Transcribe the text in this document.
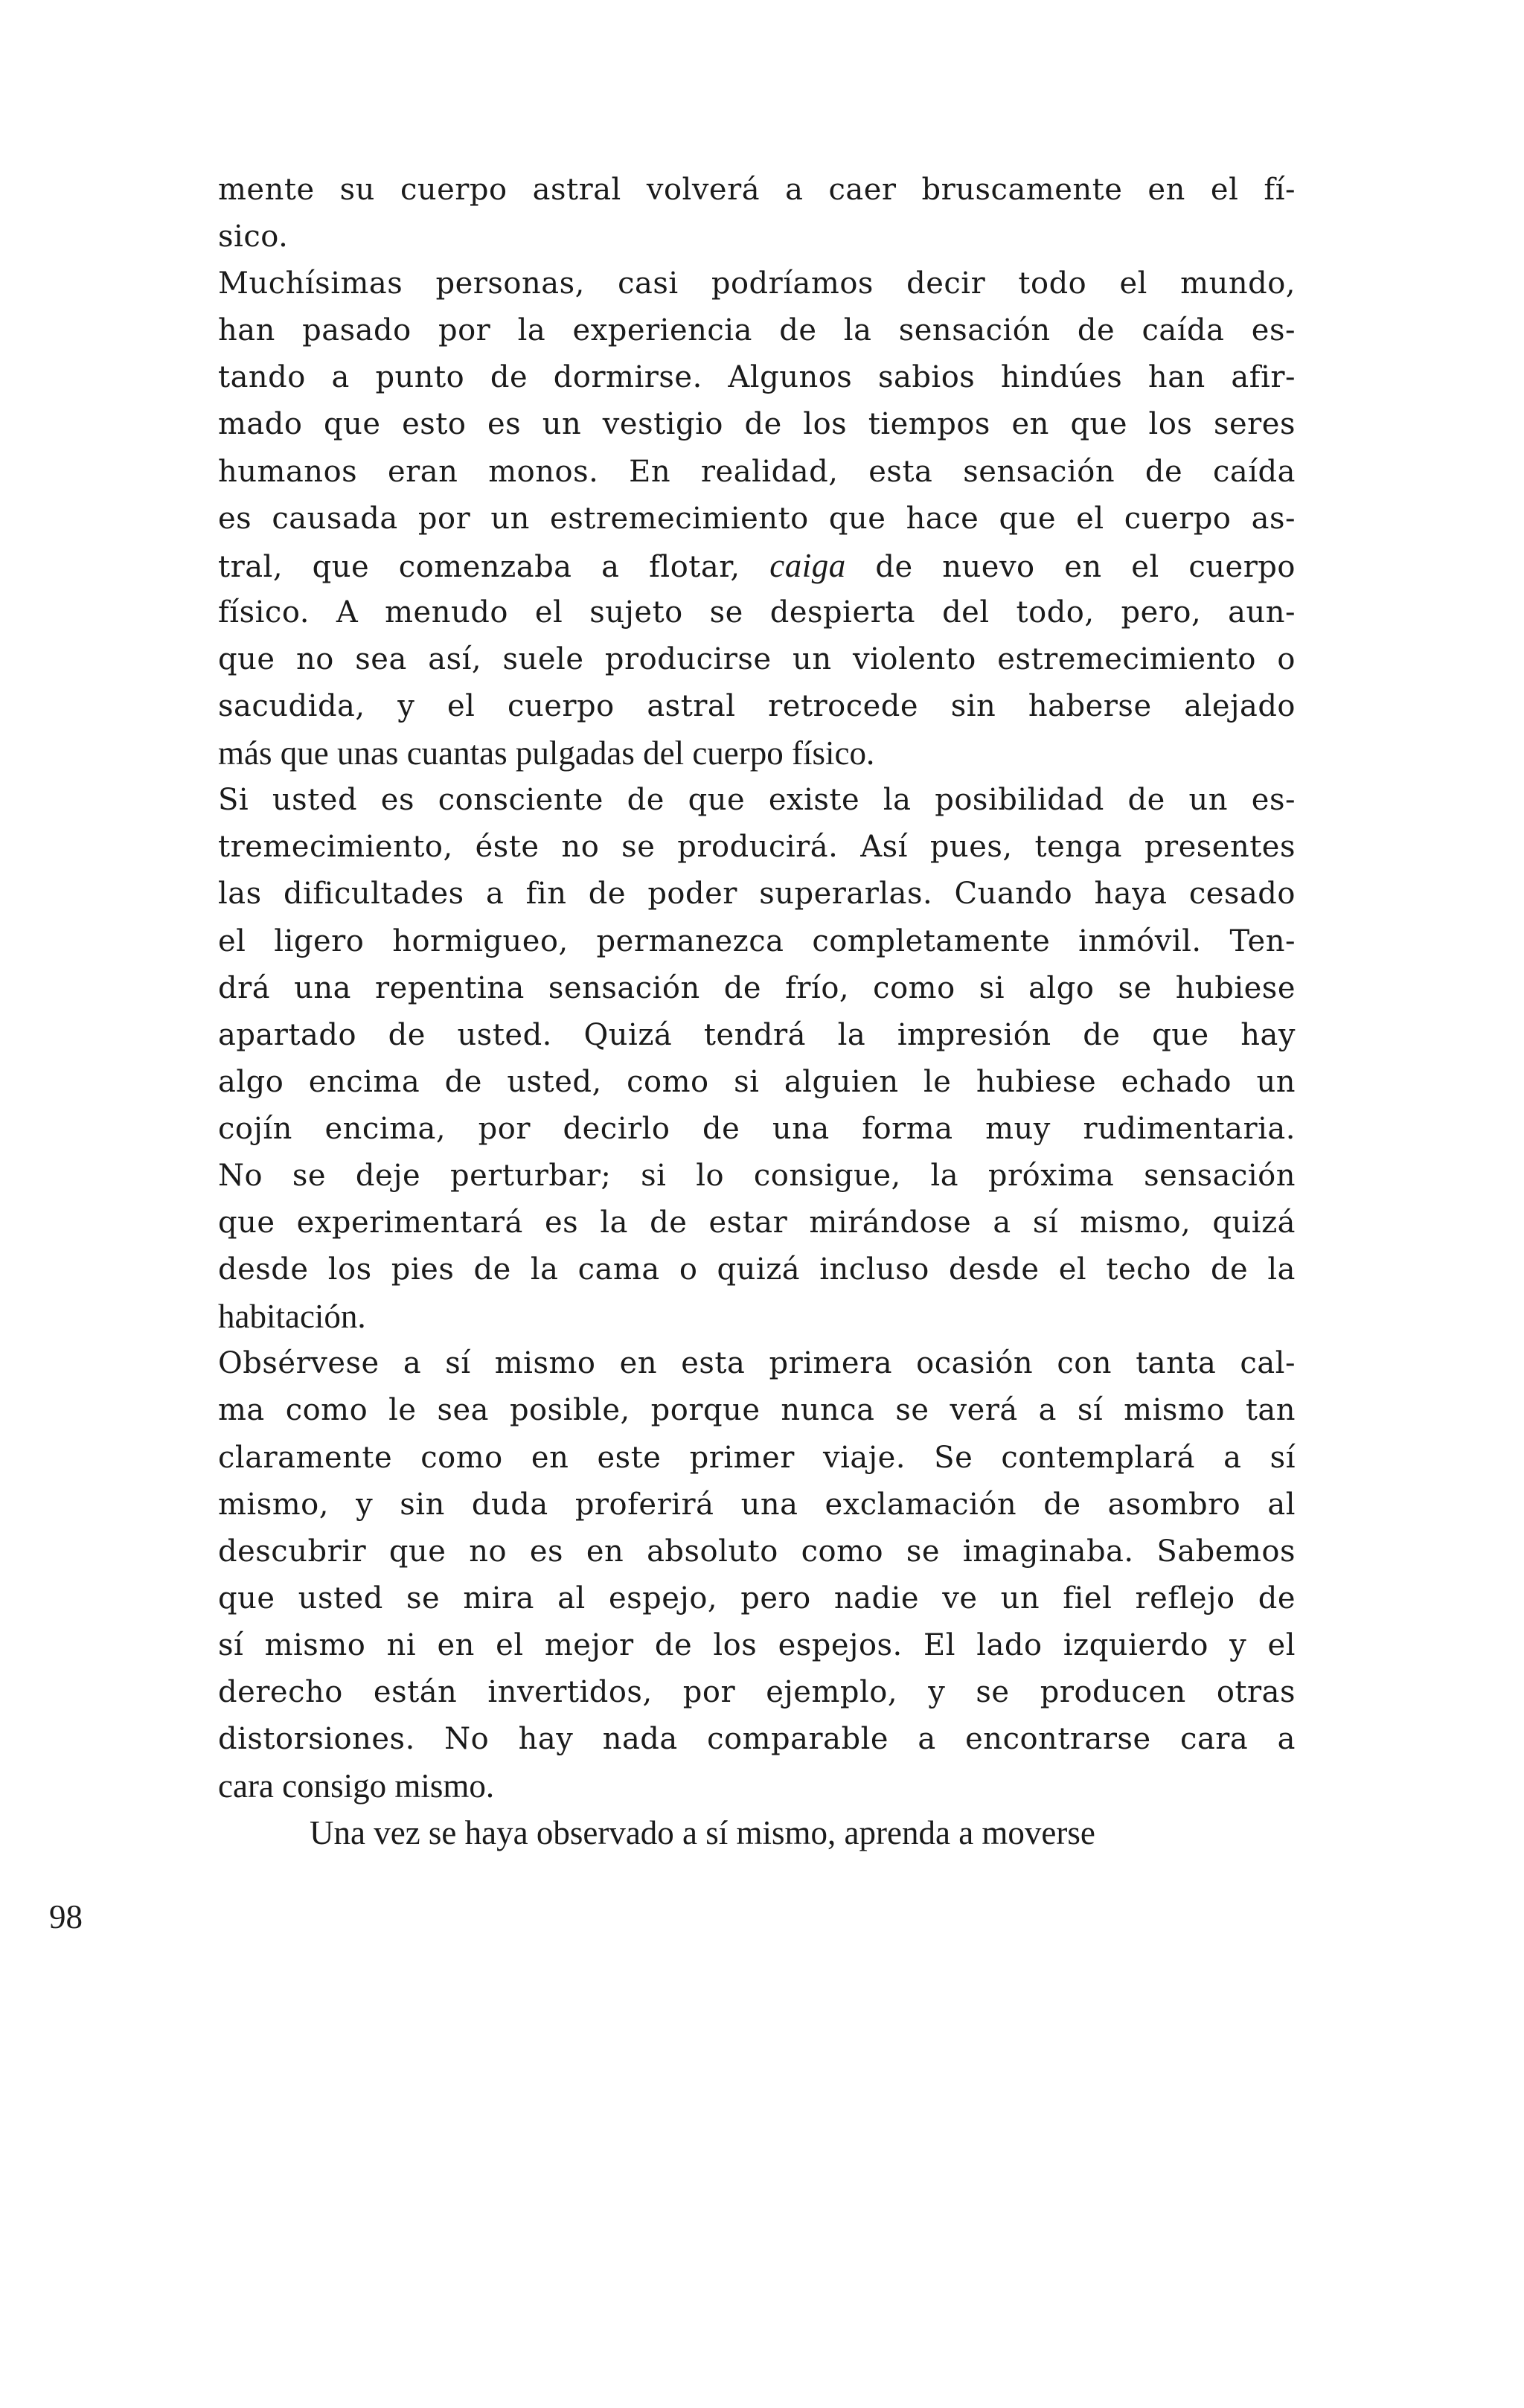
mente su cuerpo astral volverá a caer bruscamente en el fí-
sico.
Muchísimas personas, casi podríamos decir todo el mundo,
han pasado por la experiencia de la sensación de caída es-
tando a punto de dormirse. Algunos sabios hindúes han afir-
mado que esto es un vestigio de los tiempos en que los seres
humanos eran monos. En realidad, esta sensación de caída
es causada por un estremecimiento que hace que el cuerpo as-
tral, que comenzaba a flotar, caiga de nuevo en el cuerpo
físico. A menudo el sujeto se despierta del todo, pero, aun-
que no sea así, suele producirse un violento estremecimiento o
sacudida, y el cuerpo astral retrocede sin haberse alejado
más que unas cuantas pulgadas del cuerpo físico.
Si usted es consciente de que existe la posibilidad de un es-
tremecimiento, éste no se producirá. Así pues, tenga presentes
las dificultades a fin de poder superarlas. Cuando haya cesado
el ligero hormigueo, permanezca completamente inmóvil. Ten-
drá una repentina sensación de frío, como si algo se hubiese
apartado de usted. Quizá tendrá la impresión de que hay
algo encima de usted, como si alguien le hubiese echado un
cojín encima, por decirlo de una forma muy rudimentaria.
No se deje perturbar; si lo consigue, la próxima sensación
que experimentará es la de estar mirándose a sí mismo, quizá
desde los pies de la cama o quizá incluso desde el techo de la
habitación.
Obsérvese a sí mismo en esta primera ocasión con tanta cal-
ma como le sea posible, porque nunca se verá a sí mismo tan
claramente como en este primer viaje. Se contemplará a sí
mismo, y sin duda proferirá una exclamación de asombro al
descubrir que no es en absoluto como se imaginaba. Sabemos
que usted se mira al espejo, pero nadie ve un fiel reflejo de
sí mismo ni en el mejor de los espejos. El lado izquierdo y el
derecho están invertidos, por ejemplo, y se producen otras
distorsiones. No hay nada comparable a encontrarse cara a
cara consigo mismo.
Una vez se haya observado a sí mismo, aprenda a moverse
98
